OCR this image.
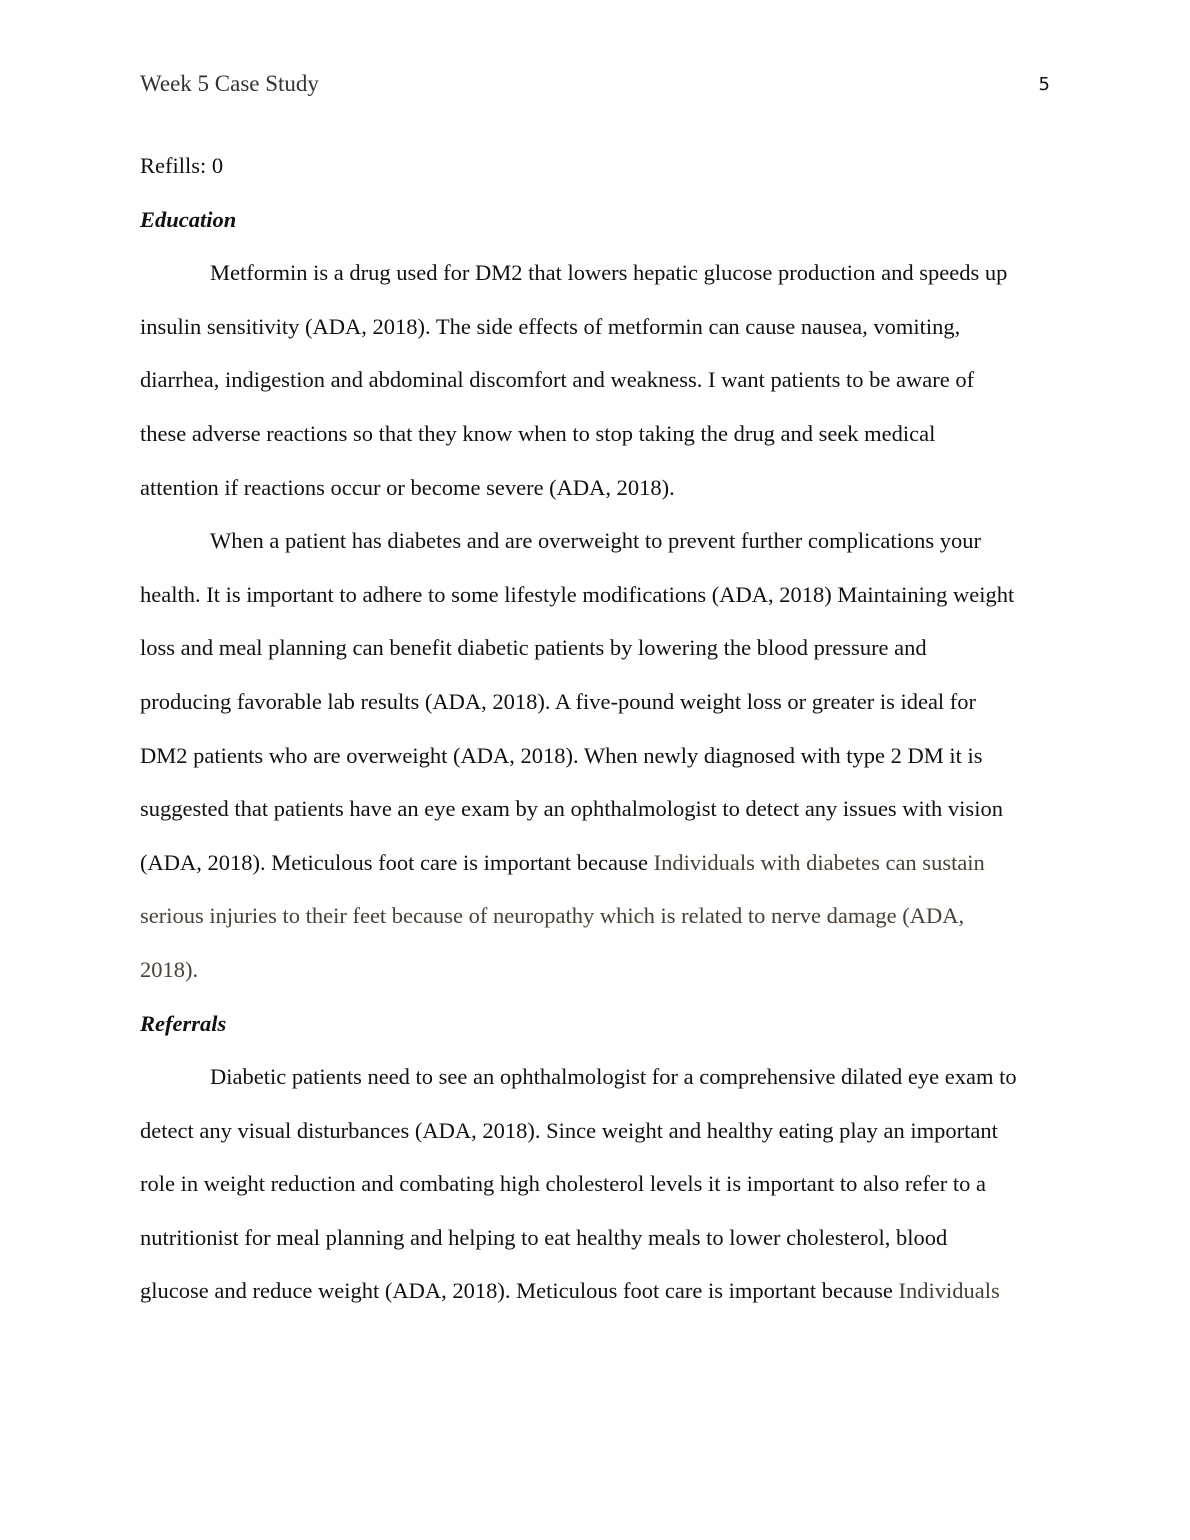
Week 5 Case Study	5

Refills: 0

Education

Metformin is a drug used for DM2 that lowers hepatic glucose production and speeds up
insulin sensitivity (ADA, 2018). The side effects of metformin can cause nausea, vomiting,
diarrhea, indigestion and abdominal discomfort and weakness. I want patients to be aware of
these adverse reactions so that they know when to stop taking the drug and seek medical
attention if reactions occur or become severe (ADA, 2018).

When a patient has diabetes and are overweight to prevent further complications your
health. It is important to adhere to some lifestyle modifications (ADA, 2018) Maintaining weight
loss and meal planning can benefit diabetic patients by lowering the blood pressure and
producing favorable lab results (ADA, 2018). A five-pound weight loss or greater is ideal for
DM2 patients who are overweight (ADA, 2018). When newly diagnosed with type 2 DM it is
suggested that patients have an eye exam by an ophthalmologist to detect any issues with vision
(ADA, 2018). Meticulous foot care is important because Individuals with diabetes can sustain
serious injuries to their feet because of neuropathy which is related to nerve damage (ADA,
2018).

Referrals

Diabetic patients need to see an ophthalmologist for a comprehensive dilated eye exam to
detect any visual disturbances (ADA, 2018). Since weight and healthy eating play an important
role in weight reduction and combating high cholesterol levels it is important to also refer to a
nutritionist for meal planning and helping to eat healthy meals to lower cholesterol, blood
glucose and reduce weight (ADA, 2018). Meticulous foot care is important because Individuals
